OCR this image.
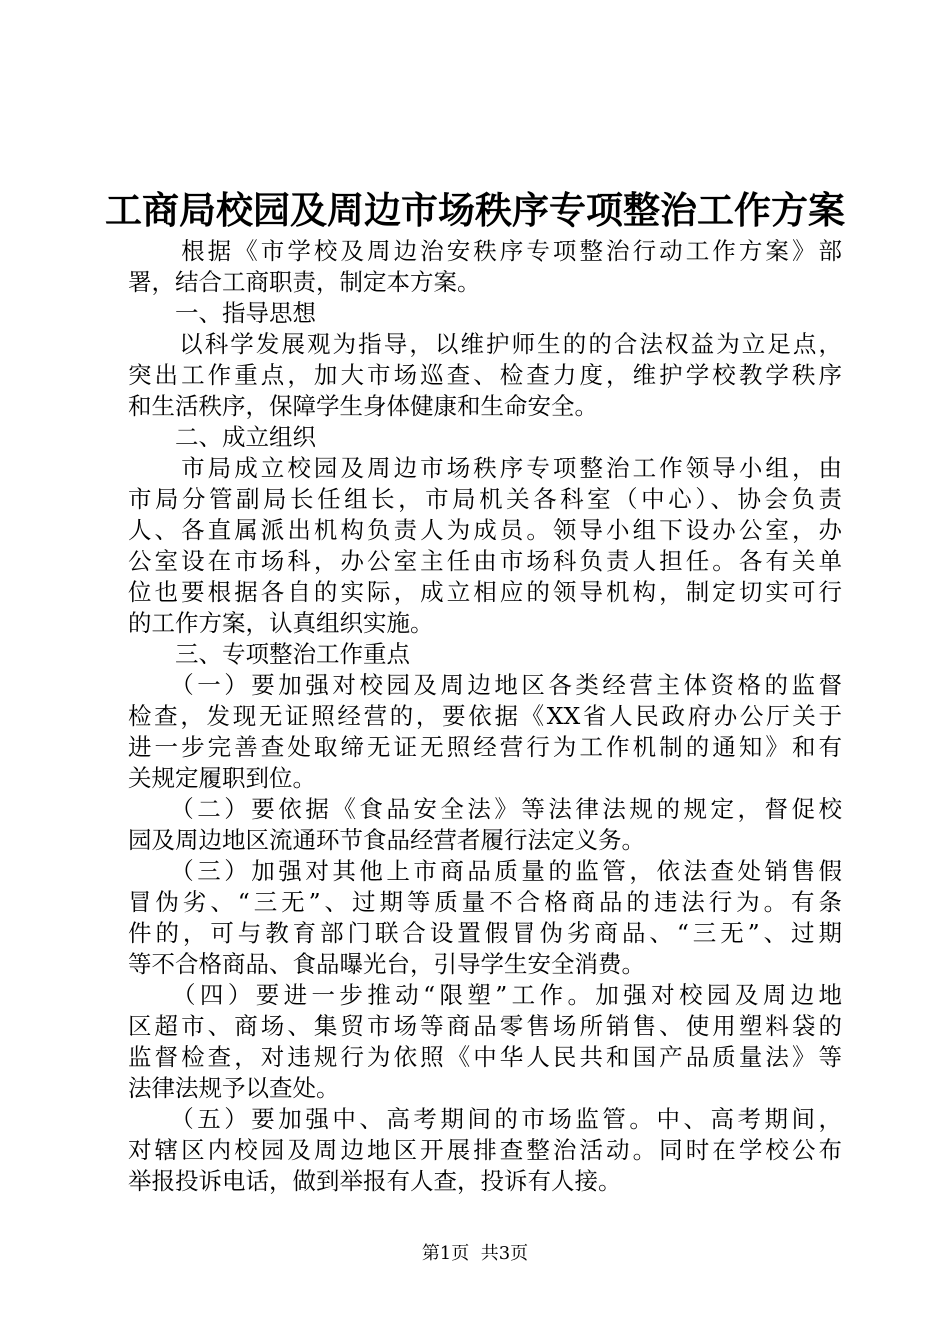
工商局校园及周边市场秩序专项整治工作方案
　　根据《市学校及周边治安秩序专项整治行动工作方案》部
署，结合工商职责，制定本方案。
　　一、指导思想
　　以科学发展观为指导，以维护师生的的合法权益为立足点，
突出工作重点，加大市场巡查、检查力度，维护学校教学秩序
和生活秩序，保障学生身体健康和生命安全。
　　二、成立组织
　　市局成立校园及周边市场秩序专项整治工作领导小组，由
市局分管副局长任组长，市局机关各科室（中心）、协会负责
人、各直属派出机构负责人为成员。领导小组下设办公室，办
公室设在市场科，办公室主任由市场科负责人担任。各有关单
位也要根据各自的实际，成立相应的领导机构，制定切实可行
的工作方案，认真组织实施。
　　三、专项整治工作重点
　　（一）要加强对校园及周边地区各类经营主体资格的监督
检查，发现无证照经营的，要依据《XX省人民政府办公厅关于
进一步完善查处取缔无证无照经营行为工作机制的通知》和有
关规定履职到位。
　　（二）要依据《食品安全法》等法律法规的规定，督促校
园及周边地区流通环节食品经营者履行法定义务。
　　（三）加强对其他上市商品质量的监管，依法查处销售假
冒伪劣、“三无”、过期等质量不合格商品的违法行为。有条
件的，可与教育部门联合设置假冒伪劣商品、“三无”、过期
等不合格商品、食品曝光台，引导学生安全消费。
　　（四）要进一步推动“限塑”工作。加强对校园及周边地
区超市、商场、集贸市场等商品零售场所销售、使用塑料袋的
监督检查，对违规行为依照《中华人民共和国产品质量法》等
法律法规予以查处。
　　（五）要加强中、高考期间的市场监管。中、高考期间，
对辖区内校园及周边地区开展排查整治活动。同时在学校公布
举报投诉电话，做到举报有人查，投诉有人接。
第1页  共3页
